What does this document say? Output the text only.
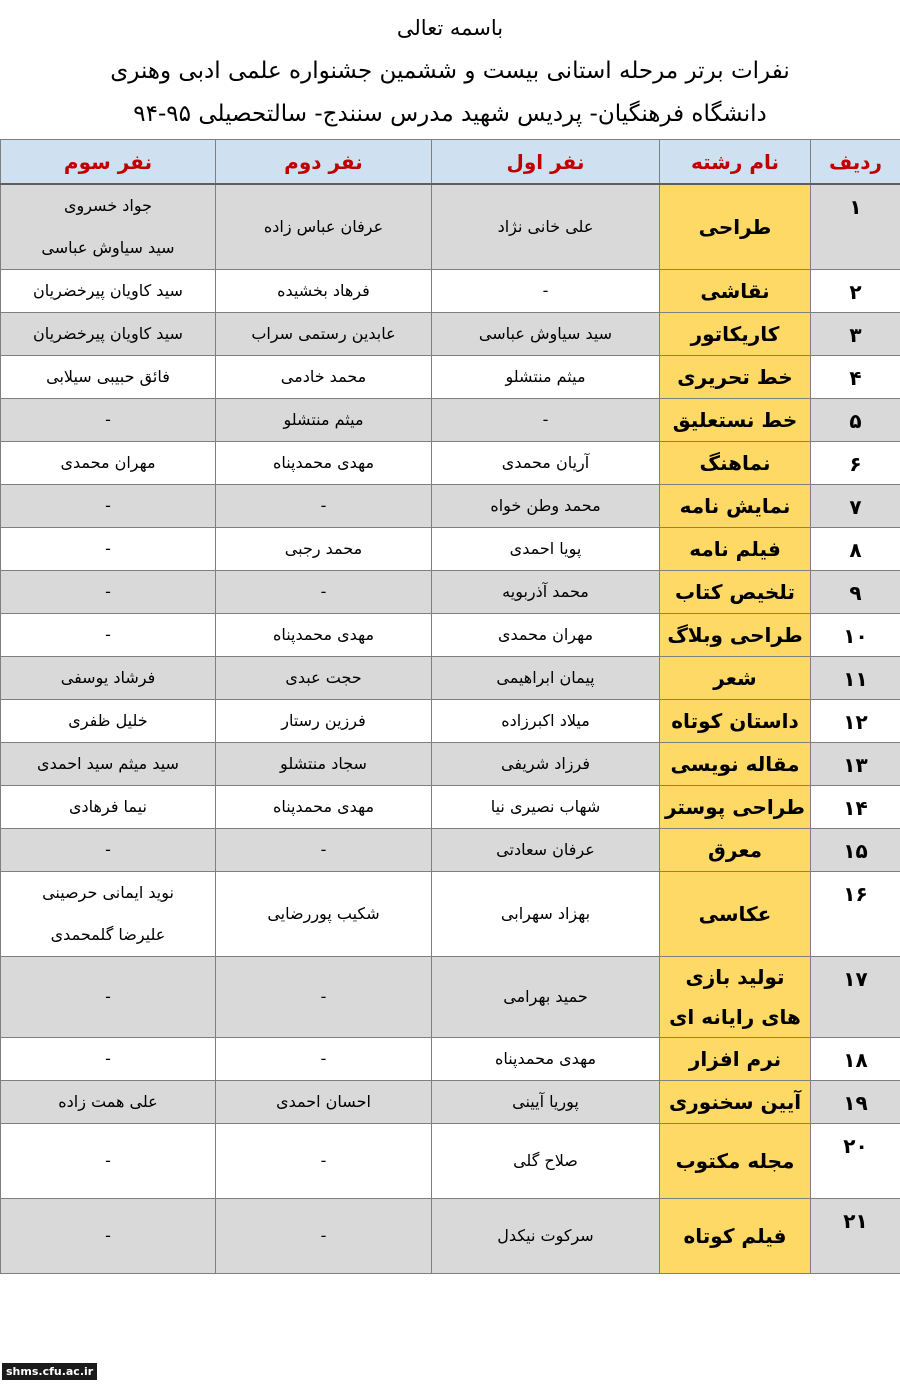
باسمه تعالی
نفرات برتر مرحله استانی بیست و ششمین جشنواره علمی ادبی وهنری
دانشگاه فرهنگیان- پردیس شهید مدرس سنندج- سالتحصیلی ۹۵-۹۴
ردیف	نام رشته	نفر اول	نفر دوم	نفر سوم
۱	طراحی	علی خانی نژاد	عرفان عباس زاده	جواد خسروی
سید سیاوش عباسی

۲	نقاشی	-	فرهاد بخشیده	سید کاویان پیرخضریان

۳	کاریکاتور	سید سیاوش عباسی	عابدین رستمی سراب	سید کاویان پیرخضریان

۴	خط تحریری	میثم منتشلو	محمد خادمی	فائق حبیبی سیلابی

۵	خط نستعلیق	-	میثم منتشلو	-

۶	نماهنگ	آریان محمدی	مهدی محمدپناه	مهران محمدی

۷	نمایش نامه	محمد وطن خواه	-	-

۸	فیلم نامه	پویا احمدی	محمد رجبی	-

۹	تلخیص کتاب	محمد آذربویه	-	-

۱۰	طراحی وبلاگ	مهران محمدی	مهدی محمدپناه	-

۱۱	شعر	پیمان ابراهیمی	حجت عبدی	فرشاد یوسفی

۱۲	داستان کوتاه	میلاد اکبرزاده	فرزین رستار	خلیل ظفری

۱۳	مقاله نویسی	فرزاد شریفی	سجاد منتشلو	سید میثم سید احمدی

۱۴	طراحی پوستر	شهاب نصیری نیا	مهدی محمدپناه	نیما فرهادی

۱۵	معرق	عرفان سعادتی	-	-

۱۶	عکاسی	بهزاد سهرابی	شکیب پوررضایی	نوید ایمانی حرصینی
علیرضا گلمحمدی

۱۷	تولید بازی
های رایانه ای	حمید بهرامی	-	-

۱۸	نرم افزار	مهدی محمدپناه	-	-

۱۹	آیین سخنوری	پوریا آیینی	احسان احمدی	علی همت زاده

۲۰	مجله مکتوب	صلاح گلی	-	-

۲۱	فیلم کوتاه	سرکوت نیکدل	-	-
shms.cfu.ac.ir
